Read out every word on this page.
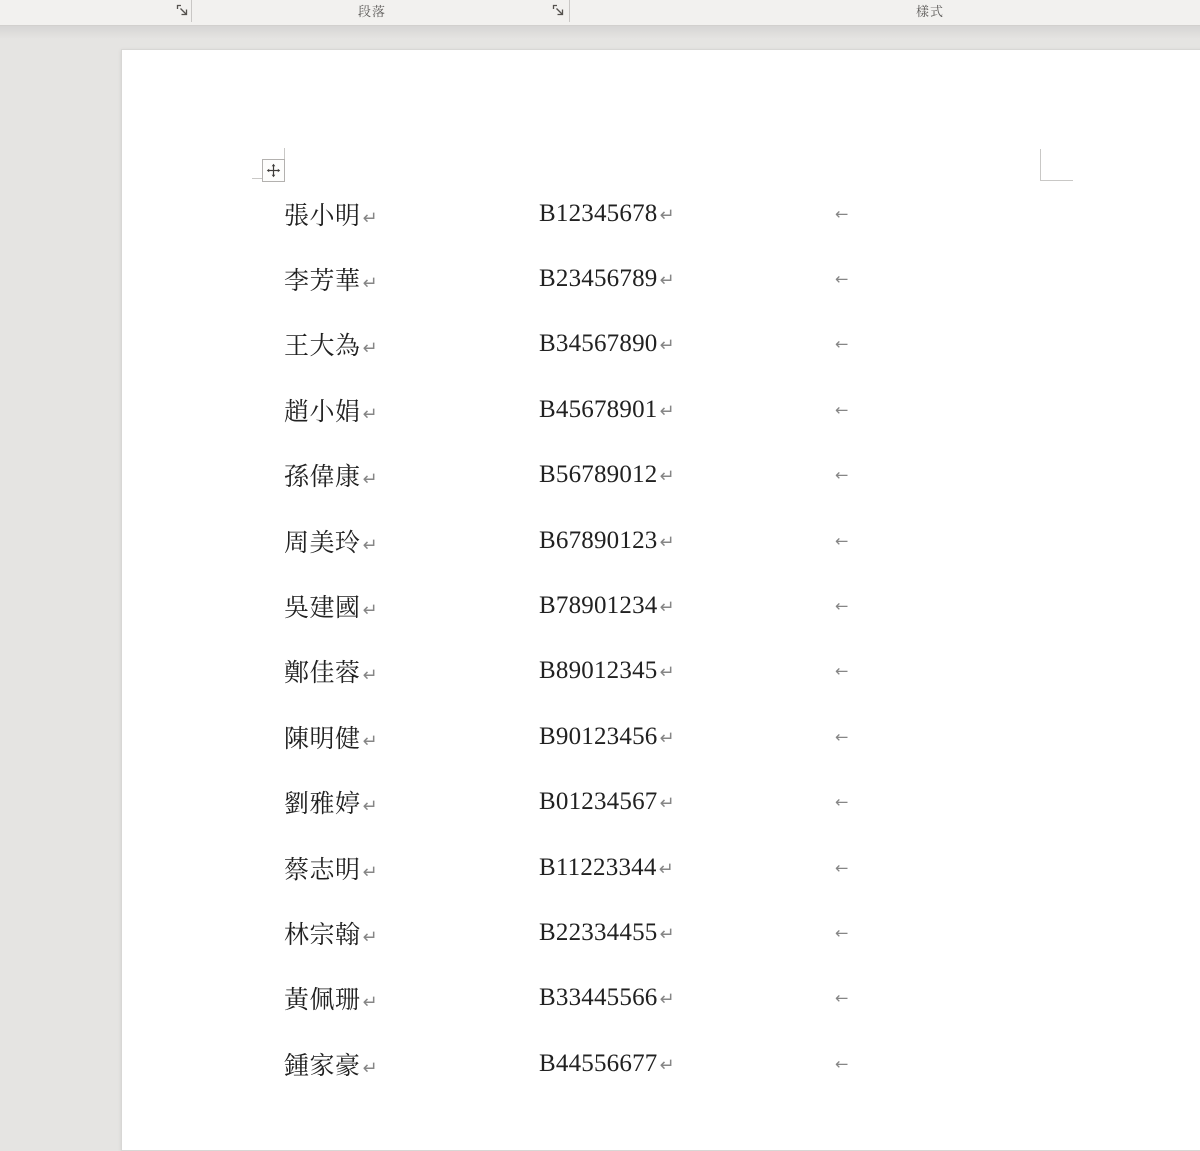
段落	樣式
張小明 ↵	B12345678 ↵	←
李芳華 ↵	B23456789 ↵	←
王大為 ↵	B34567890 ↵	←
趙小娟 ↵	B45678901 ↵	←
孫偉康 ↵	B56789012 ↵	←
周美玲 ↵	B67890123 ↵	←
吳建國 ↵	B78901234 ↵	←
鄭佳蓉 ↵	B89012345 ↵	←
陳明健 ↵	B90123456 ↵	←
劉雅婷 ↵	B01234567 ↵	←
蔡志明 ↵	B11223344 ↵	←
林宗翰 ↵	B22334455 ↵	←
黃佩珊 ↵	B33445566 ↵	←
鍾家豪 ↵	B44556677 ↵	←
